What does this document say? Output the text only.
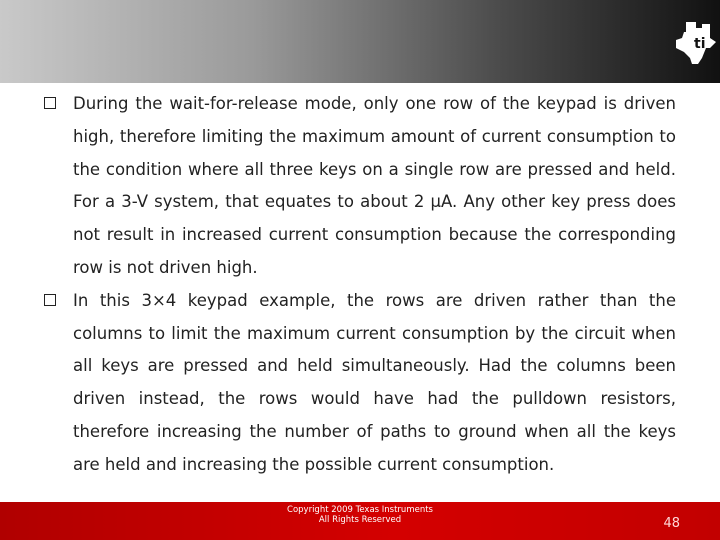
ti
During the wait-for-release mode, only one row of the keypad is driven high, therefore limiting the maximum amount of current consumption to the condition where all three keys on a single row are pressed and held. For a 3-V system, that equates to about 2 µA. Any other key press does not result in increased current consumption because the corresponding row is not driven high.
In this 3×4 keypad example, the rows are driven rather than the columns to limit the maximum current consumption by the circuit when all keys are pressed and held simultaneously. Had the columns been driven instead, the rows would have had the pulldown resistors, therefore increasing the number of paths to ground when all the keys are held and increasing the possible current consumption.
Copyright 2009 Texas Instruments
All Rights Reserved	48
